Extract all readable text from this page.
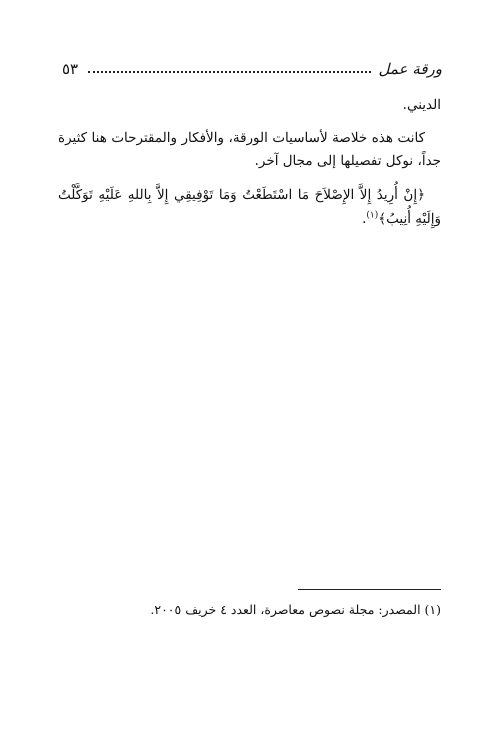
ورقة عمل
٥٣

الديني.

كانت هذه خلاصة لأساسيات الورقة، والأفكار والمقترحات هنا كثيرة جداً، نوكل تفصيلها إلى مجال آخر.

﴿إِنْ أُرِيدُ إِلاَّ الإِصْلاَحَ مَا اسْتَطَعْتُ وَمَا تَوْفِيقِي إِلاَّ بِاللهِ عَلَيْهِ تَوَكَّلْتُ وَإِلَيْهِ أُنِيبُ﴾$^{(١)}$.

(١) المصدر: مجلة نصوص معاصرة، العدد ٤ خريف ٢٠٠٥.
